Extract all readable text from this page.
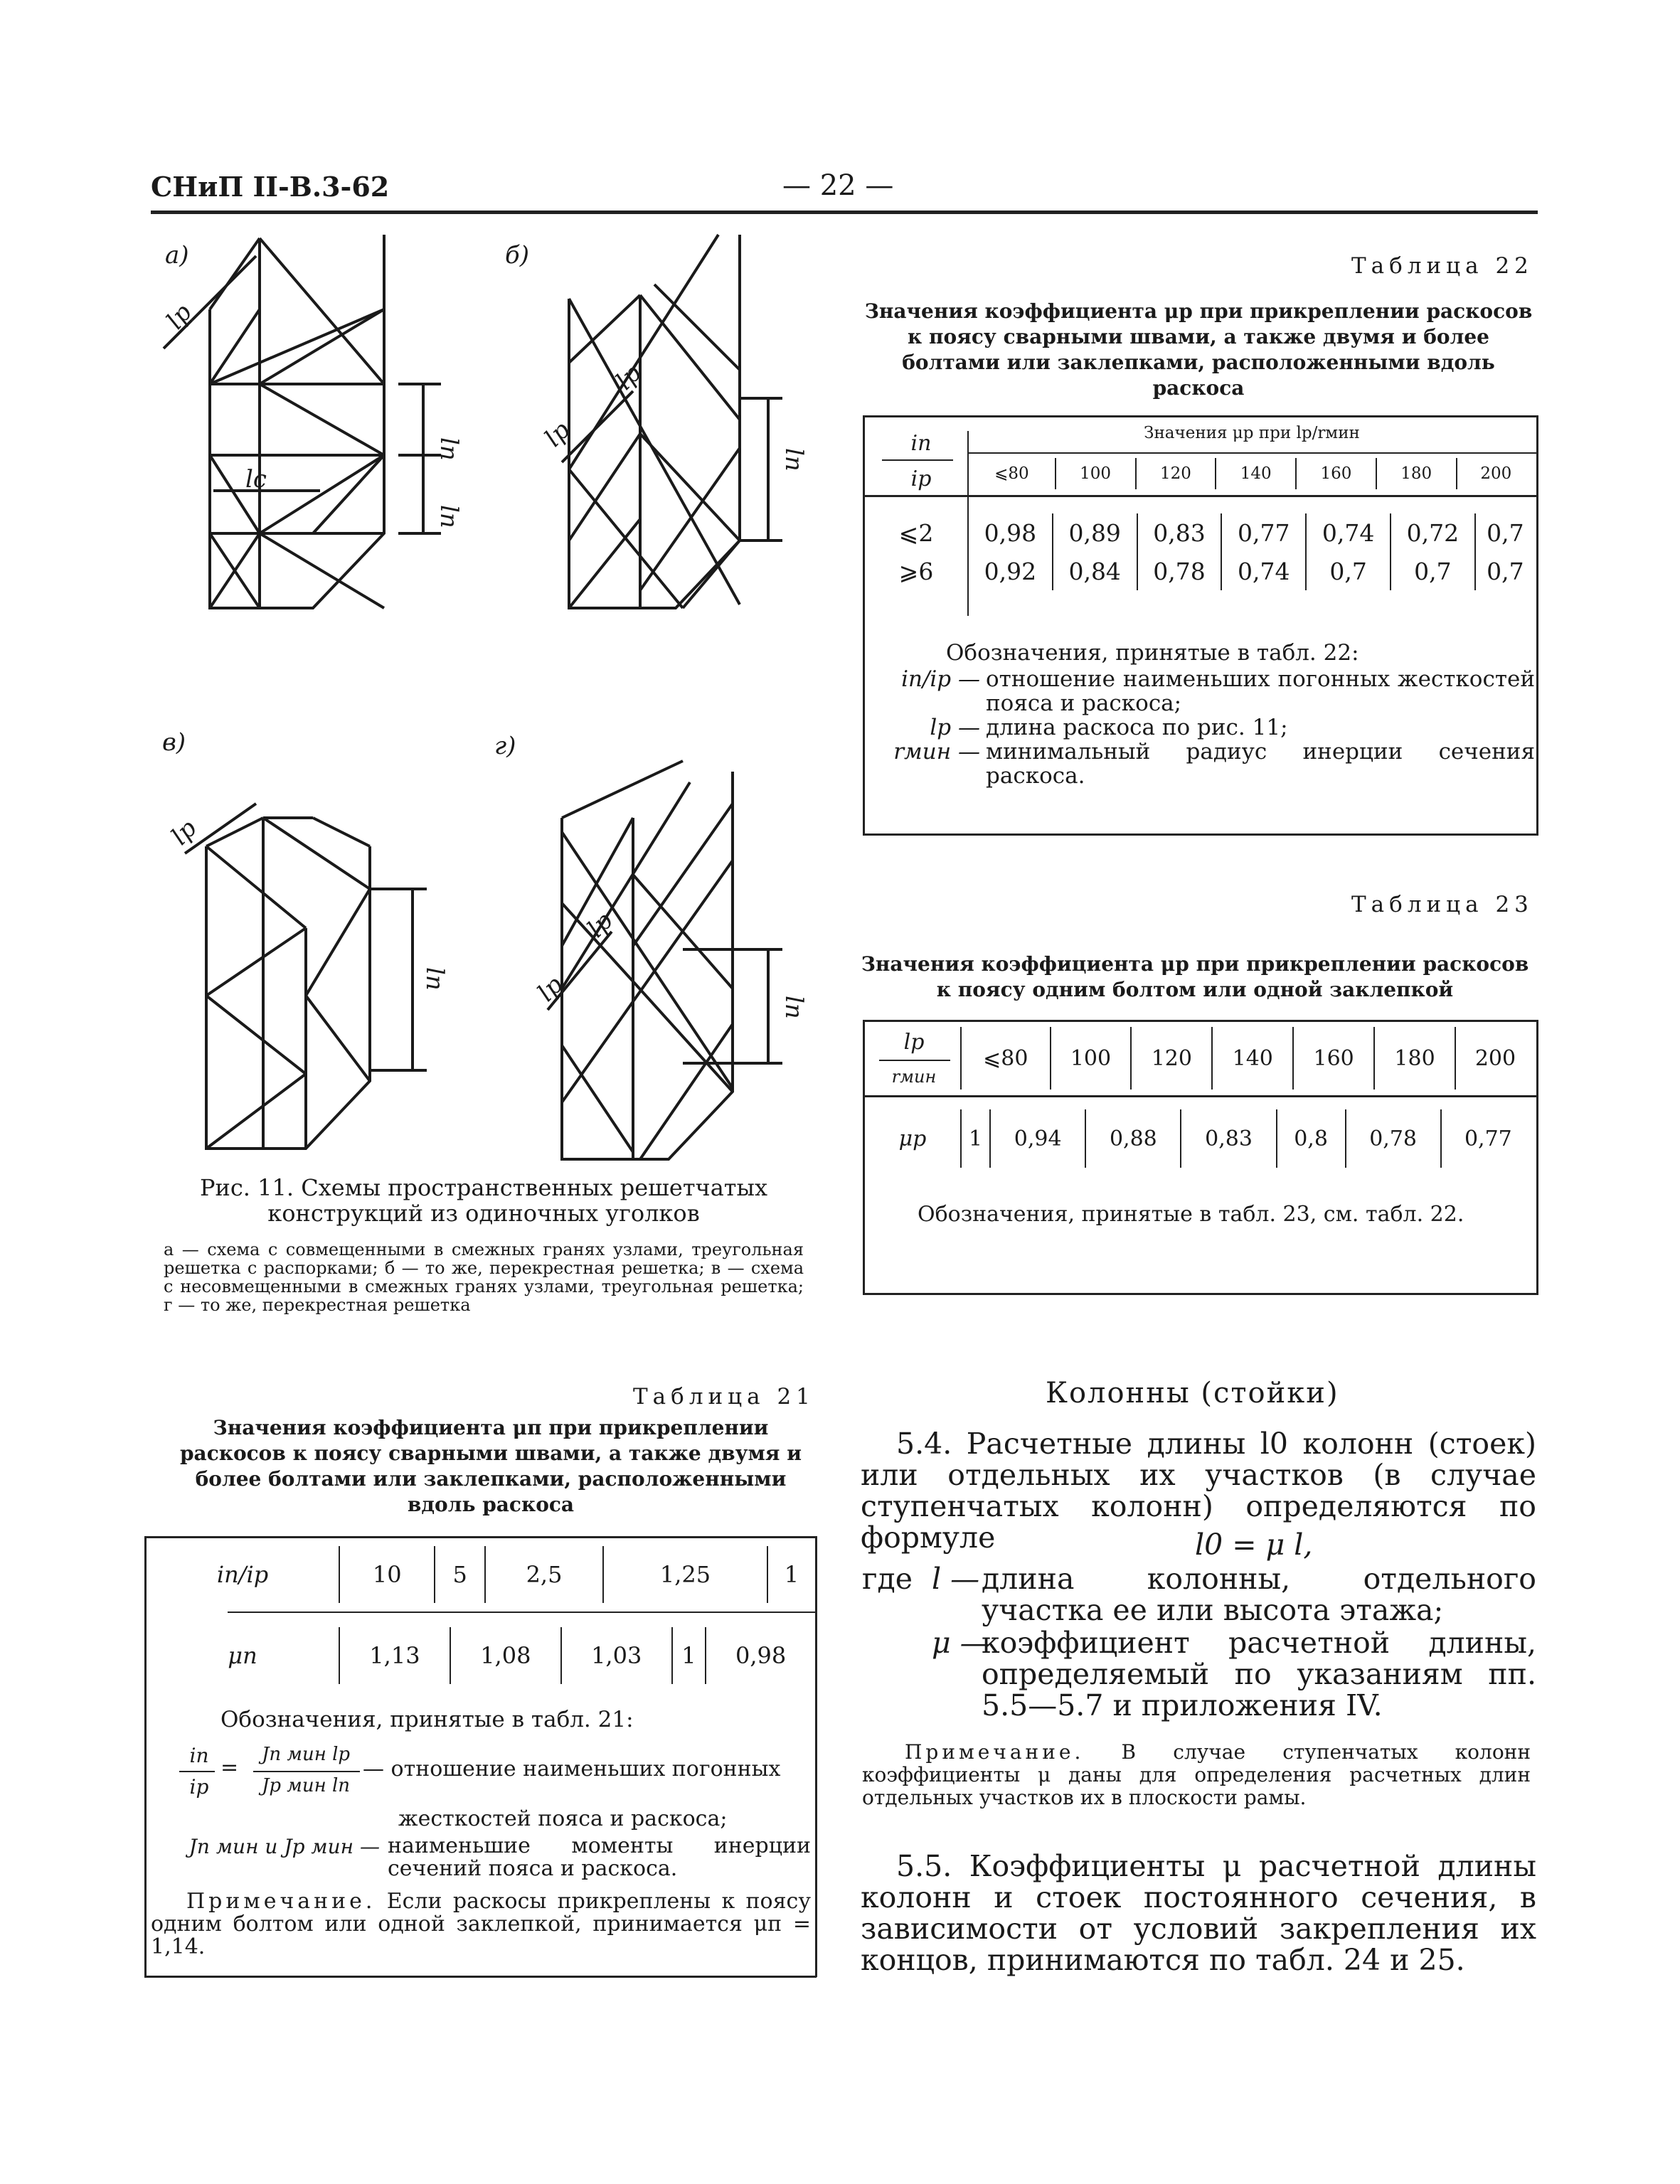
СНиП II-В.3-62	— 22 —
а)
lр
lп
lп
lс
б)
lр
lр
lп
в)
lр
lп
г)
lр
lр
lп
Рис. 11. Схемы пространственных решетчатых конструкций из одиночных уголков
а — схема с совмещенными в смежных гранях узлами, треугольная решетка с распорками; б — то же, перекрестная решетка; в — схема с несовмещенными в смежных гранях узлами, треугольная решетка; г — то же, перекрестная решетка
Таблица 22
Значения коэффициента μр при прикреплении раскосов к поясу сварными швами, а также двумя и более болтами или заклепками, расположенными вдоль раскоса
Значения μр при lр/rмин
iп
iр	⩽80	100	120	140	160	180	200
⩽2	0,98	0,89	0,83	0,77	0,74	0,72	0,7
⩾6	0,92	0,84	0,78	0,74	0,7	0,7	0,7
Обозначения, принятые в табл. 22:
iп/iр — отношение наименьших погонных жесткостей пояса и раскоса;
lр — длина раскоса по рис. 11;
rмин — минимальный радиус инерции сечения раскоса.
Таблица 23
Значения коэффициента μр при прикреплении раскосов к поясу одним болтом или одной заклепкой
lр
rмин
⩽80	100	120	140	160	180	200
μр	1	0,94	0,88	0,83	0,8	0,78	0,77
Обозначения, принятые в табл. 23, см. табл. 22.
Таблица 21
Значения коэффициента μп при прикреплении раскосов к поясу сварными швами, а также двумя и более болтами или заклепками, расположенными вдоль раскоса
iп/iр	10	5	2,5	1,25	1
μп	1,13	1,08	1,03	1	0,98
Обозначения, принятые в табл. 21:
iп
iр
=
Jп мин lр
Jр мин lп
— отношение наименьших погонных
жесткостей пояса и раскоса;
Jп мин и Jр мин — наименьшие моменты инерции сечений пояса и раскоса.
Примечание. Если раскосы прикреплены к поясу одним болтом или одной заклепкой, принимается μп = 1,14.
Колонны (стойки)
5.4. Расчетные длины l0 колонн (стоек) или отдельных их участков (в случае ступенчатых колонн) определяются по формуле	l0 = μ l,
где l — длина колонны, отдельного участка ее или высота этажа;
μ —
коэффициент расчетной длины, определяемый по указаниям пп. 5.5—5.7 и приложения IV.
Примечание. В случае ступенчатых колонн коэффициенты μ даны для определения расчетных длин отдельных участков их в плоскости рамы.
5.5. Коэффициенты μ расчетной длины колонн и стоек постоянного сечения, в зависимости от условий закрепления их концов, принимаются по табл. 24 и 25.
